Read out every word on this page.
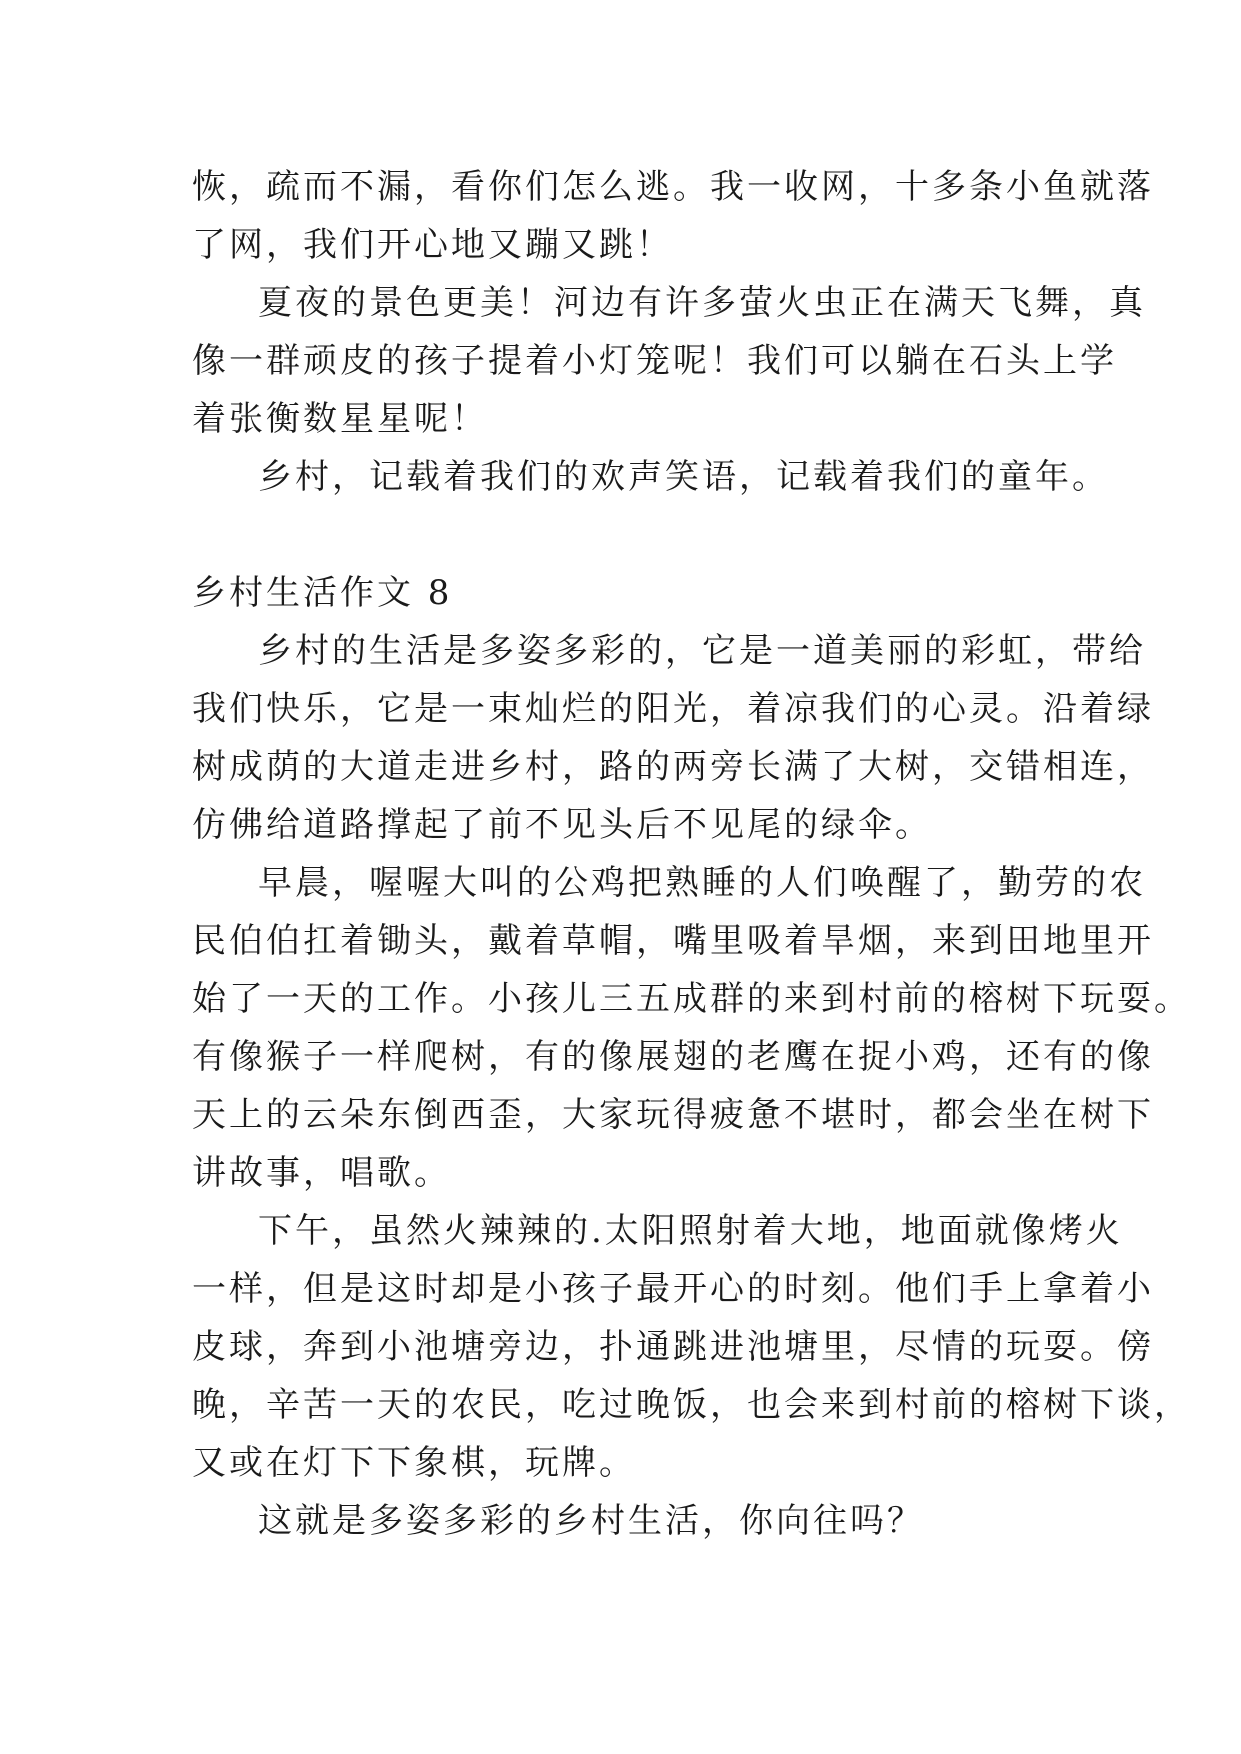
恢，疏而不漏，看你们怎么逃。我一收网，十多条小鱼就落
了网，我们开心地又蹦又跳！
夏夜的景色更美！河边有许多萤火虫正在满天飞舞，真
像一群顽皮的孩子提着小灯笼呢！我们可以躺在石头上学
着张衡数星星呢！
乡村，记载着我们的欢声笑语，记载着我们的童年。
乡村生活作文 8
乡村的生活是多姿多彩的，它是一道美丽的彩虹，带给
我们快乐，它是一束灿烂的阳光，着凉我们的心灵。沿着绿
树成荫的大道走进乡村，路的两旁长满了大树，交错相连，
仿佛给道路撑起了前不见头后不见尾的绿伞。
早晨，喔喔大叫的公鸡把熟睡的人们唤醒了，勤劳的农
民伯伯扛着锄头，戴着草帽，嘴里吸着旱烟，来到田地里开
始了一天的工作。小孩儿三五成群的来到村前的榕树下玩耍。
有像猴子一样爬树，有的像展翅的老鹰在捉小鸡，还有的像
天上的云朵东倒西歪，大家玩得疲惫不堪时，都会坐在树下
讲故事，唱歌。
下午，虽然火辣辣的.太阳照射着大地，地面就像烤火
一样，但是这时却是小孩子最开心的时刻。他们手上拿着小
皮球，奔到小池塘旁边，扑通跳进池塘里，尽情的玩耍。傍
晚，辛苦一天的农民，吃过晚饭，也会来到村前的榕树下谈，
又或在灯下下象棋，玩牌。
这就是多姿多彩的乡村生活，你向往吗？
